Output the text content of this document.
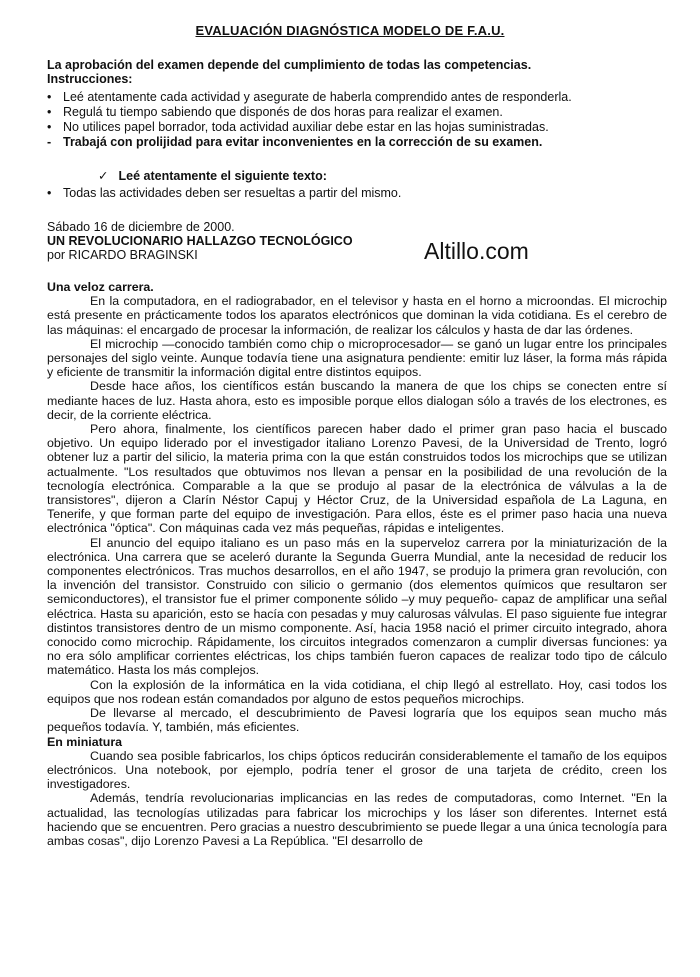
EVALUACIÓN DIAGNÓSTICA MODELO DE F.A.U.
La aprobación del examen depende del cumplimiento de todas las competencias.
Instrucciones:
• Leé atentamente cada actividad y asegurate de haberla comprendido antes de responderla.
• Regulá tu tiempo sabiendo que disponés de dos horas para realizar el examen.
• No utilices papel borrador, toda actividad auxiliar debe estar en las hojas suministradas.
- Trabajá con prolijidad para evitar inconvenientes en la corrección de su examen.
✓ Leé atentamente el siguiente texto:
• Todas las actividades deben ser resueltas a partir del mismo.
Sábado 16 de diciembre de 2000.
UN REVOLUCIONARIO HALLAZGO TECNOLÓGICO
por RICARDO BRAGINSKI	Altillo.com
Una veloz carrera.

En la computadora, en el radiograbador, en el televisor y hasta en el horno a microondas. El microchip está presente en prácticamente todos los aparatos electrónicos que dominan la vida cotidiana. Es el cerebro de las máquinas: el encargado de procesar la información, de realizar los cálculos y hasta de dar las órdenes.

El microchip —conocido también como chip o microprocesador— se ganó un lugar entre los principales personajes del siglo veinte. Aunque todavía tiene una asignatura pendiente: emitir luz láser, la forma más rápida y eficiente de transmitir la información digital entre distintos equipos.

Desde hace años, los científicos están buscando la manera de que los chips se conecten entre sí mediante haces de luz. Hasta ahora, esto es imposible porque ellos dialogan sólo a través de los electrones, es decir, de la corriente eléctrica.

Pero ahora, finalmente, los científicos parecen haber dado el primer gran paso hacia el buscado objetivo. Un equipo liderado por el investigador italiano Lorenzo Pavesi, de la Universidad de Trento, logró obtener luz a partir del silicio, la materia prima con la que están construidos todos los microchips que se utilizan actualmente. "Los resultados que obtuvimos nos llevan a pensar en la posibilidad de una revolución de la tecnología electrónica. Comparable a la que se produjo al pasar de la electrónica de válvulas a la de transistores", dijeron a Clarín Néstor Capuj y Héctor Cruz, de la Universidad española de La Laguna, en Tenerife, y que forman parte del equipo de investigación. Para ellos, éste es el primer paso hacia una nueva electrónica "óptica". Con máquinas cada vez más pequeñas, rápidas e inteligentes.

El anuncio del equipo italiano es un paso más en la superveloz carrera por la miniaturización de la electrónica. Una carrera que se aceleró durante la Segunda Guerra Mundial, ante la necesidad de reducir los componentes electrónicos. Tras muchos desarrollos, en el año 1947, se produjo la primera gran revolución, con la invención del transistor. Construido con silicio o germanio (dos elementos químicos que resultaron ser semiconductores), el transistor fue el primer componente sólido –y muy pequeño- capaz de amplificar una señal eléctrica. Hasta su aparición, esto se hacía con pesadas y muy calurosas válvulas. El paso siguiente fue integrar distintos transistores dentro de un mismo componente. Así, hacia 1958 nació el primer circuito integrado, ahora conocido como microchip. Rápidamente, los circuitos integrados comenzaron a cumplir diversas funciones: ya no era sólo amplificar corrientes eléctricas, los chips también fueron capaces de realizar todo tipo de cálculo matemático. Hasta los más complejos.

Con la explosión de la informática en la vida cotidiana, el chip llegó al estrellato. Hoy, casi todos los equipos que nos rodean están comandados por alguno de estos pequeños microchips.

De llevarse al mercado, el descubrimiento de Pavesi lograría que los equipos sean mucho más pequeños todavía. Y, también, más eficientes.

En miniatura

Cuando sea posible fabricarlos, los chips ópticos reducirán considerablemente el tamaño de los equipos electrónicos. Una notebook, por ejemplo, podría tener el grosor de una tarjeta de crédito, creen los investigadores.

Además, tendría revolucionarias implicancias en las redes de computadoras, como Internet. "En la actualidad, las tecnologías utilizadas para fabricar los microchips y los láser son diferentes. Internet está haciendo que se encuentren. Pero gracias a nuestro descubrimiento se puede llegar a una única tecnología para ambas cosas", dijo Lorenzo Pavesi a La República. "El desarrollo de
